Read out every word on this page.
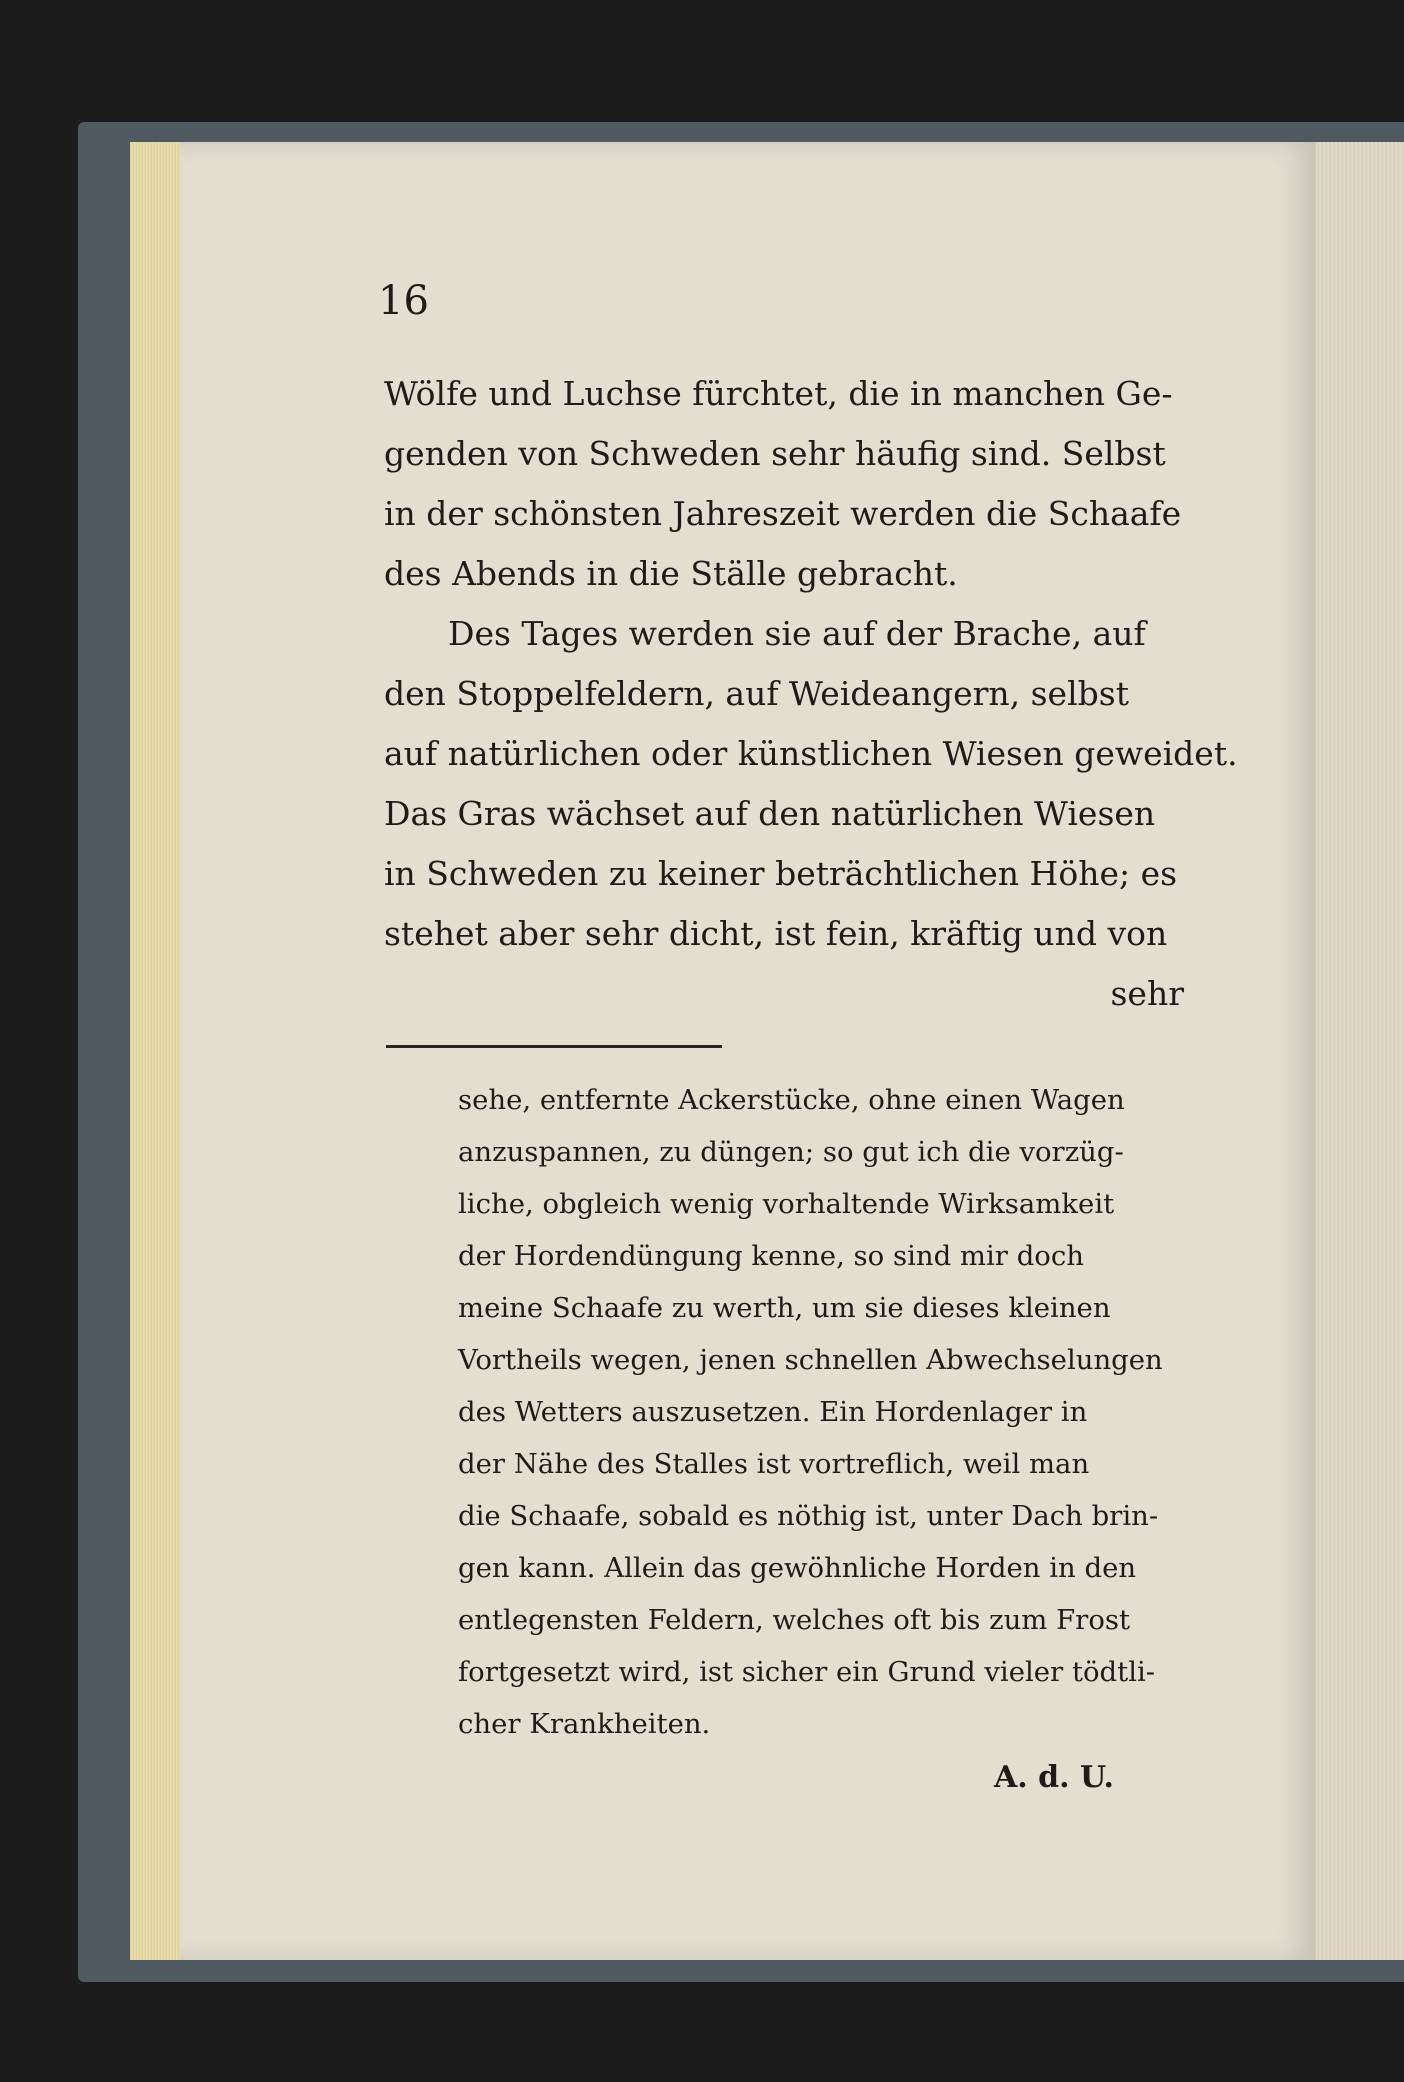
16
Wölfe und Luchse fürchtet, die in manchen Ge-
genden von Schweden sehr häufig sind. Selbst
in der schönsten Jahreszeit werden die Schaafe
des Abends in die Ställe gebracht.
Des Tages werden sie auf der Brache, auf
den Stoppelfeldern, auf Weideangern, selbst
auf natürlichen oder künstlichen Wiesen geweidet.
Das Gras wächset auf den natürlichen Wiesen
in Schweden zu keiner beträchtlichen Höhe; es
stehet aber sehr dicht, ist fein, kräftig und von
sehr
sehe, entfernte Ackerstücke, ohne einen Wagen
anzuspannen, zu düngen; so gut ich die vorzüg-
liche, obgleich wenig vorhaltende Wirksamkeit
der Hordendüngung kenne, so sind mir doch
meine Schaafe zu werth, um sie dieses kleinen
Vortheils wegen, jenen schnellen Abwechselungen
des Wetters auszusetzen. Ein Hordenlager in
der Nähe des Stalles ist vortreflich, weil man
die Schaafe, sobald es nöthig ist, unter Dach brin-
gen kann. Allein das gewöhnliche Horden in den
entlegensten Feldern, welches oft bis zum Frost
fortgesetzt wird, ist sicher ein Grund vieler tödtli-
cher Krankheiten.
A. d. U.
